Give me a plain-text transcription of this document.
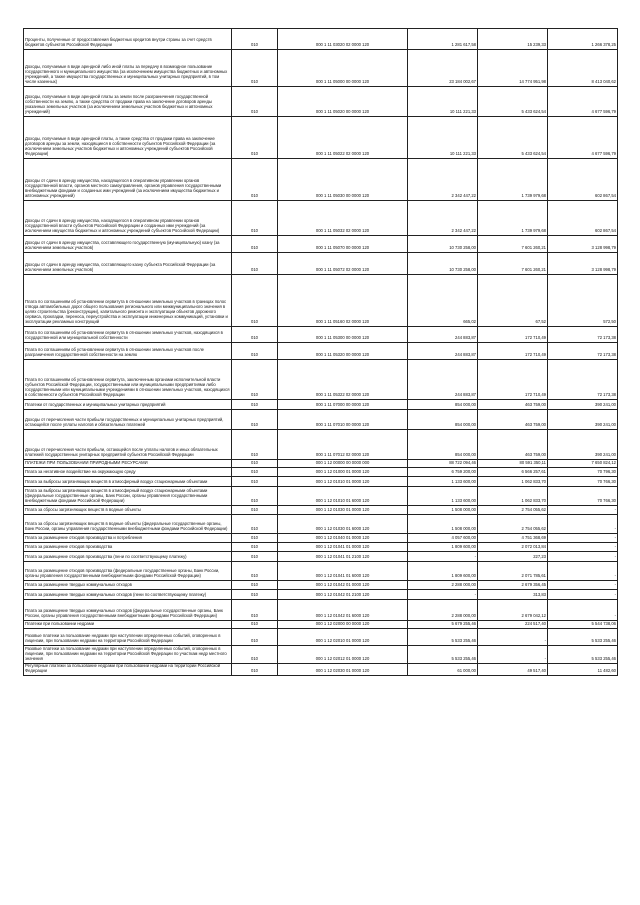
Проценты, полученные от предоставления бюджетных кредитов внутри страны за счет средств бюджетов субъектов Российской Федерации	010	000 1 11 03020 02 0000 120	1 281 617,58	15 239,33	1 266 378,25
Доходы, получаемые в виде арендной либо иной платы за передачу в возмездное пользование государственного и муниципального имущества (за исключением имущества бюджетных и автономных учреждений, а также имущества государственных и муниципальных унитарных предприятий, в том числе казенных)	010	000 1 11 05000 00 0000 120	23 184 002,67	14 774 951,98	8 413 040,62
Доходы, получаемые в виде арендной платы за земли после разграничения государственной собственности на землю, а также средства от продажи права на заключение договоров аренды указанных земельных участков (за исключением земельных участков бюджетных и автономных учреждений)	010	000 1 11 05020 00 0000 120	10 111 221,33	5 433 624,54	4 677 596,79
Доходы, получаемые в виде арендной платы, а также средства от продажи права на заключение договоров аренды за земли, находящиеся в собственности субъектов Российской Федерации (за исключением земельных участков бюджетных и автономных учреждений субъектов Российской Федерации)	010	000 1 11 05022 02 0000 120	10 111 221,33	5 433 624,54	4 677 596,79
Доходы от сдачи в аренду имущества, находящегося в оперативном управлении органов государственной власти, органов местного самоуправления, органов управления государственными внебюджетными фондами и созданных ими учреждений (за исключением имущества бюджетных и автономных учреждений)	010	000 1 11 05030 00 0000 120	2 342 447,22	1 739 979,68	602 867,54
Доходы от сдачи в аренду имущества, находящегося в оперативном управлении органов государственной власти субъектов Российской Федерации и созданных ими учреждений (за исключением имущества бюджетных и автономных учреждений субъектов Российской Федерации)	010	000 1 11 05032 02 0000 120	2 342 447,22	1 739 979,68	602 867,54
Доходы от сдачи в аренду имущества, составляющего государственную (муниципальную) казну (за исключением земельных участков)	010	000 1 11 05070 00 0000 120	10 730 258,00	7 601 260,21	3 128 998,79
Доходы от сдачи в аренду имущества, составляющего казну субъекта Российской Федерации (за исключением земельных участков)	010	000 1 11 05072 02 0000 120	10 730 258,00	7 601 260,21	3 128 998,79
Плата по соглашениям об установлении сервитута в отношении земельных участков в границах полос отвода автомобильных дорог общего пользования регионального или межмуниципального значения в целях строительства (реконструкции), капитального ремонта и эксплуатации объектов дорожного сервиса, прокладки, переноса, переустройства и эксплуатации инженерных коммуникаций, установки и эксплуатации рекламных конструкций	010	000 1 11 05160 02 0000 120	665,02	67,52	572,50
Плата по соглашениям об установлении сервитута в отношении земельных участков, находящихся в государственной или муниципальной собственности	010	000 1 11 05300 00 0000 120	244 883,87	172 710,49	72 173,38
Плата по соглашениям об установлении сервитута в отношении земельных участков после разграничения государственной собственности на землю	010	000 1 11 05320 00 0000 120	244 883,87	172 710,49	72 173,38
Плата по соглашениям об установлении сервитута, заключенным органами исполнительной власти субъектов Российской Федерации, государственными или муниципальными предприятиями либо государственными или муниципальными учреждениями в отношении земельных участков, находящихся в собственности субъектов Российской Федерации	010	000 1 11 05322 02 0000 120	244 883,87	172 710,49	72 173,38
Платежи от государственных и муниципальных унитарных предприятий	010	000 1 11 07000 00 0000 120	854 000,00	463 759,00	390 241,00
Доходы от перечисления части прибыли государственных и муниципальных унитарных предприятий, остающейся после уплаты налогов и обязательных платежей	010	000 1 11 07010 00 0000 120	854 000,00	463 759,00	390 241,00
Доходы от перечисления части прибыли, остающейся после уплаты налогов и иных обязательных платежей государственных унитарных предприятий субъектов Российской Федерации	010	000 1 11 07012 02 0000 120	854 000,00	463 759,00	390 241,00
ПЛАТЕЖИ ПРИ ПОЛЬЗОВАНИИ ПРИРОДНЫМИ РЕСУРСАМИ	010	000 1 12 00000 00 0000 000	88 722 094,46	80 591 350,11	7 650 824,12
Плата за негативное воздействие на окружающую среду	010	000 1 12 01000 01 0000 120	6 759 200,00	6 566 257,61	70 796,30
Плата за выбросы загрязняющих веществ в атмосферный воздух стационарными объектами	010	000 1 12 01010 01 0000 120	1 133 600,00	1 062 833,70	70 766,30
Плата за выбросы загрязняющих веществ в атмосферный воздух стационарными объектами (федеральные государственные органы, Банк России, органы управления государственными внебюджетными фондами Российской Федерации)	010	000 1 12 01010 01 6000 120	1 133 600,00	1 062 833,70	70 766,30
Плата за сбросы загрязняющих веществ в водные объекты	010	000 1 12 01030 01 0000 120	1 508 000,00	2 754 055,62	-
Плата за сбросы загрязняющих веществ в водные объекты (федеральные государственные органы, Банк России, органы управления государственными внебюджетными фондами Российской Федерации)	010	000 1 12 01030 01 6000 120	1 508 000,00	2 754 055,62	-
Плата за размещение отходов производства и потребления	010	000 1 12 01040 01 0000 120	4 057 600,00	4 751 368,69	-
Плата за размещение отходов производства	010	000 1 12 01041 01 0000 120	1 809 600,00	2 072 013,84	-
Плата за размещение отходов производства (пени по соответствующему платежу)	010	000 1 12 01041 01 2100 120	-	227,23	-
Плата за размещение отходов производства (федеральные государственные органы, Банк России, органы управления государственными внебюджетными фондами Российской Федерации)	010	000 1 12 01041 01 6000 120	1 809 600,00	2 071 785,61	-
Плата за размещение твердых коммунальных отходов	010	000 1 12 01042 01 0000 120	2 288 000,00	2 679 356,45	-
Плата за размещение твердых коммунальных отходов (пени по соответствующему платежу)	010	000 1 12 01042 01 2100 120	-	313,83	-
Плата за размещение твердых коммунальных отходов (федеральные государственные органы, Банк России, органы управления государственными внебюджетными фондами Российской Федерации)	010	000 1 12 01042 01 6000 120	2 288 000,00	2 679 042,12	-
Платежи при пользовании недрами	010	000 1 12 02000 00 0000 120	5 679 255,46	224 517,40	5 544 738,06
Разовые платежи за пользование недрами при наступлении определенных событий, оговоренных в лицензии, при пользовании недрами на территории Российской Федерации	010	000 1 12 02010 01 0000 120	5 533 255,46	-	5 533 255,46
Разовые платежи за пользование недрами при наступлении определенных событий, оговоренных в лицензии, при пользовании недрами на территории Российской Федерации по участкам недр местного значения	010	000 1 12 02012 01 0000 120	5 533 255,46	-	5 533 255,46
Регулярные платежи за пользование недрами при пользовании недрами на территории Российской Федерации	010	000 1 12 02030 01 0000 120	61 000,00	49 517,40	11 482,60
